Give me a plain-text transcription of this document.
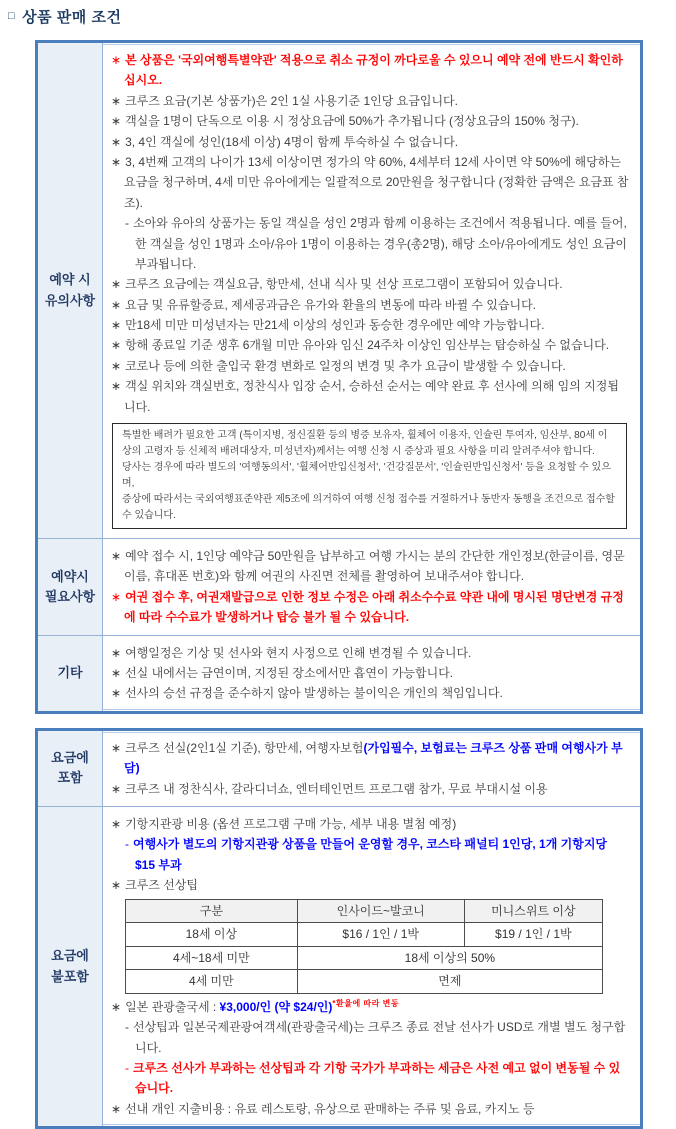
□ 상품 판매 조건
예약 시
유의사항
∗ 본 상품은 '국외여행특별약관' 적용으로 취소 규정이 까다로울 수 있으니 예약 전에 반드시 확인하십시오.
∗ 크루즈 요금(기본 상품가)은 2인 1실 사용기준 1인당 요금입니다.
∗ 객실을 1명이 단독으로 이용 시 정상요금에 50%가 추가됩니다 (정상요금의 150% 청구).
∗ 3, 4인 객실에 성인(18세 이상) 4명이 함께 투숙하실 수 없습니다.
∗ 3, 4번째 고객의 나이가 13세 이상이면 정가의 약 60%, 4세부터 12세 사이면 약 50%에 해당하는 요금을 청구하며, 4세 미만 유아에게는 일괄적으로 20만원을 청구합니다 (정확한 금액은 요금표 참조).
- 소아와 유아의 상품가는 동일 객실을 성인 2명과 함께 이용하는 조건에서 적용됩니다. 예를 들어, 한 객실을 성인 1명과 소아/유아 1명이 이용하는 경우(총2명), 해당 소아/유아에게도 성인 요금이 부과됩니다.
∗ 크루즈 요금에는 객실요금, 항만세, 선내 식사 및 선상 프로그램이 포함되어 있습니다.
∗ 요금 및 유류할증료, 제세공과금은 유가와 환율의 변동에 따라 바뀔 수 있습니다.
∗ 만18세 미만 미성년자는 만21세 이상의 성인과 동승한 경우에만 예약 가능합니다.
∗ 항해 종료일 기준 생후 6개월 미만 유아와 임신 24주차 이상인 임산부는 탑승하실 수 없습니다.
∗ 코로나 등에 의한 출입국 환경 변화로 일정의 변경 및 추가 요금이 발생할 수 있습니다.
∗ 객실 위치와 객실번호, 정찬식사 입장 순서, 승하선 순서는 예약 완료 후 선사에 의해 임의 지정됩니다.
특별한 배려가 필요한 고객 (특이지병, 정신질환 등의 병증 보유자, 휠체어 이용자, 인슐린 투여자, 임산부, 80세 이상의 고령자 등 신체적 배려대상자, 미성년자)께서는 여행 신청 시 증상과 필요 사항을 미리 알려주셔야 합니다.
당사는 경우에 따라 별도의 '여행동의서', '휠체어반입신청서', '건강질문서', '인슐린반입신청서' 등을 요청할 수 있으며,
증상에 따라서는 국외여행표준약관 제5조에 의거하여 여행 신청 접수를 거절하거나 동반자 동행을 조건으로 접수할 수 있습니다.
예약시
필요사항
∗ 예약 접수 시, 1인당 예약금 50만원을 납부하고 여행 가시는 분의 간단한 개인정보(한글이름, 영문 이름, 휴대폰 번호)와 함께 여권의 사진면 전체를 촬영하여 보내주셔야 합니다.
∗ 여권 접수 후, 여권재발급으로 인한 정보 수정은 아래 취소수수료 약관 내에 명시된 명단변경 규정에 따라 수수료가 발생하거나 탑승 불가 될 수 있습니다.
기타
∗ 여행일정은 기상 및 선사와 현지 사정으로 인해 변경될 수 있습니다.
∗ 선실 내에서는 금연이며, 지정된 장소에서만 흡연이 가능합니다.
∗ 선사의 승선 규정을 준수하지 않아 발생하는 불이익은 개인의 책임입니다.
요금에
포함
∗ 크루즈 선실(2인1실 기준), 항만세, 여행자보험(가입필수, 보험료는 크루즈 상품 판매 여행사가 부담)
∗ 크루즈 내 정찬식사, 갈라디너쇼, 엔터테인먼트 프로그램 참가, 무료 부대시설 이용
요금에
불포함
∗ 기항지관광 비용 (옵션 프로그램 구매 가능, 세부 내용 별첨 예정)
- 여행사가 별도의 기항지관광 상품을 만들어 운영할 경우, 코스타 패널티 1인당, 1개 기항지당 $15 부과
∗ 크루즈 선상팁
구분	인사이드~발코니	미니스위트 이상
18세 이상	$16 / 1인 / 1박	$19 / 1인 / 1박
4세~18세 미만	18세 이상의 50%	
4세 미만	면제	
∗ 일본 관광출국세 : ¥3,000/인 (약 $24/인)$^{*환율에 따라 변동}$
- 선상팁과 일본국제관광여객세(관광출국세)는 크루즈 종료 전날 선사가 USD로 개별 별도 청구합니다.
- 크루즈 선사가 부과하는 선상팁과 각 기항 국가가 부과하는 세금은 사전 예고 없이 변동될 수 있습니다.
∗ 선내 개인 지출비용 : 유료 레스토랑, 유상으로 판매하는 주류 및 음료, 카지노 등
